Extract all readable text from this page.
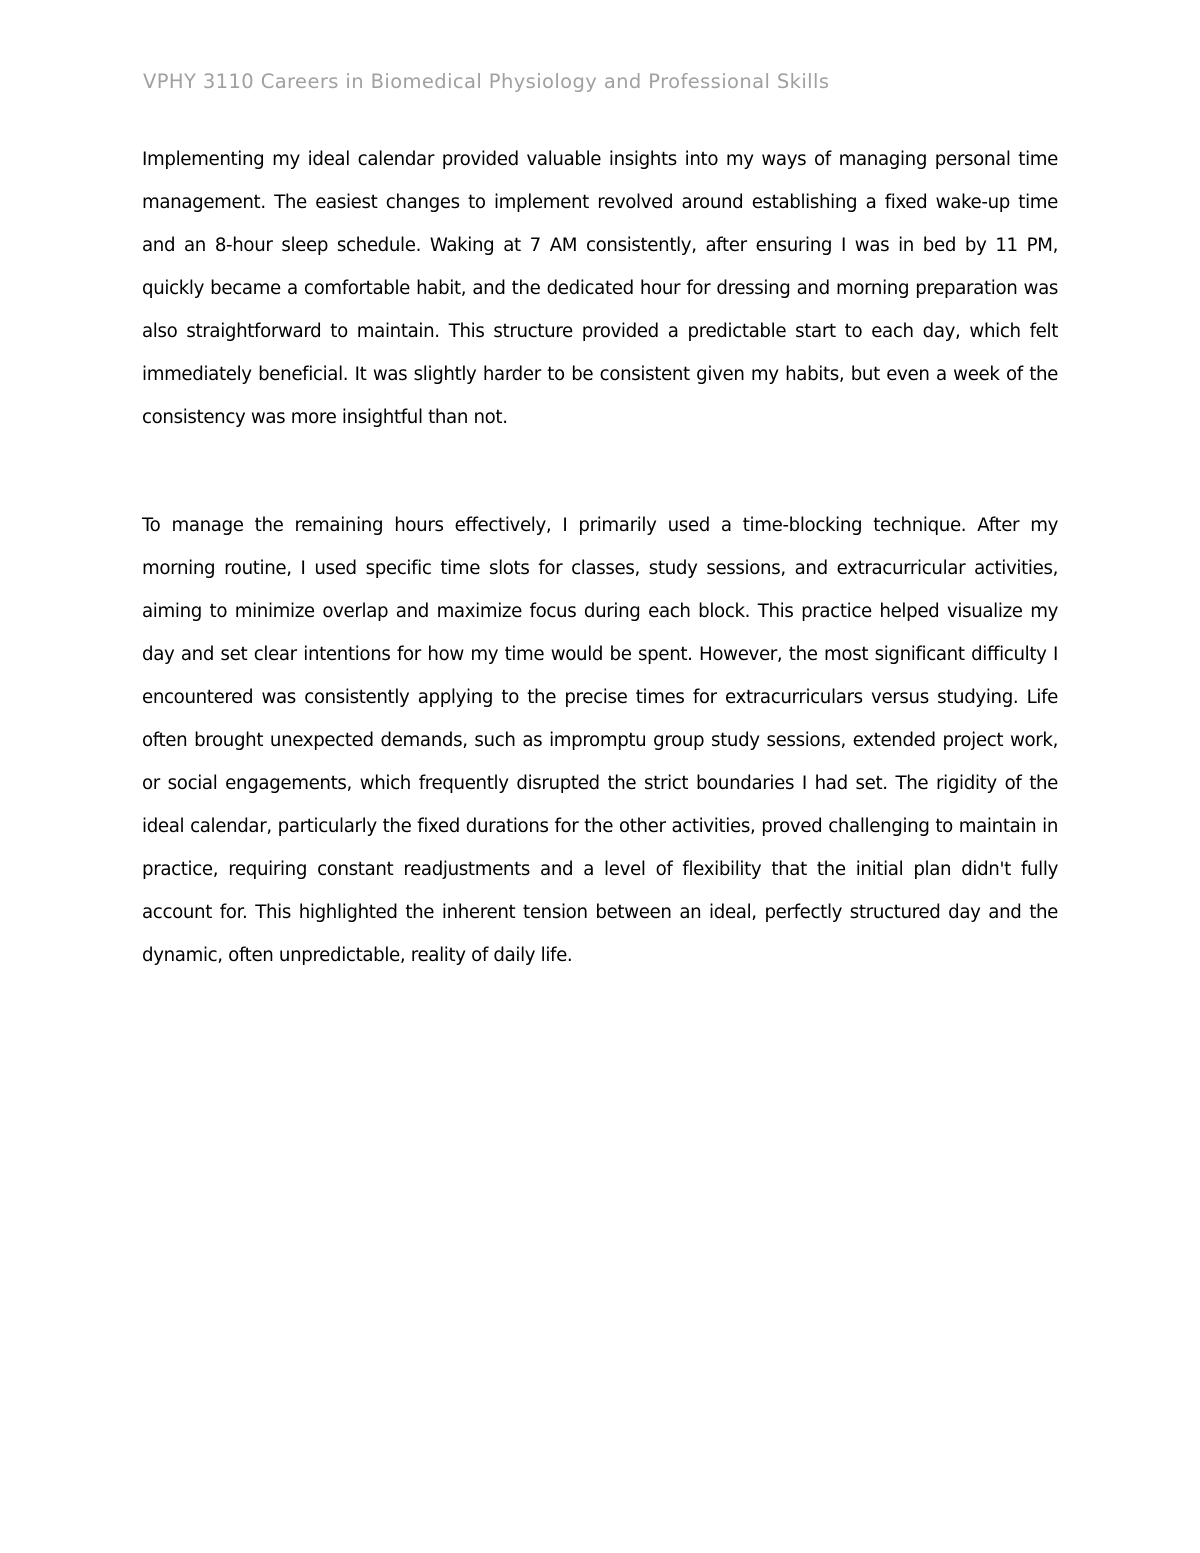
VPHY 3110 Careers in Biomedical Physiology and Professional Skills

Implementing my ideal calendar provided valuable insights into my ways of managing personal time management. The easiest changes to implement revolved around establishing a fixed wake-up time and an 8-hour sleep schedule. Waking at 7 AM consistently, after ensuring I was in bed by 11 PM, quickly became a comfortable habit, and the dedicated hour for dressing and morning preparation was also straightforward to maintain. This structure provided a predictable start to each day, which felt immediately beneficial. It was slightly harder to be consistent given my habits, but even a week of the consistency was more insightful than not.

To manage the remaining hours effectively, I primarily used a time-blocking technique. After my morning routine, I used specific time slots for classes, study sessions, and extracurricular activities, aiming to minimize overlap and maximize focus during each block. This practice helped visualize my day and set clear intentions for how my time would be spent. However, the most significant difficulty I encountered was consistently applying to the precise times for extracurriculars versus studying. Life often brought unexpected demands, such as impromptu group study sessions, extended project work, or social engagements, which frequently disrupted the strict boundaries I had set. The rigidity of the ideal calendar, particularly the fixed durations for the other activities, proved challenging to maintain in practice, requiring constant readjustments and a level of flexibility that the initial plan didn't fully account for. This highlighted the inherent tension between an ideal, perfectly structured day and the dynamic, often unpredictable, reality of daily life.
